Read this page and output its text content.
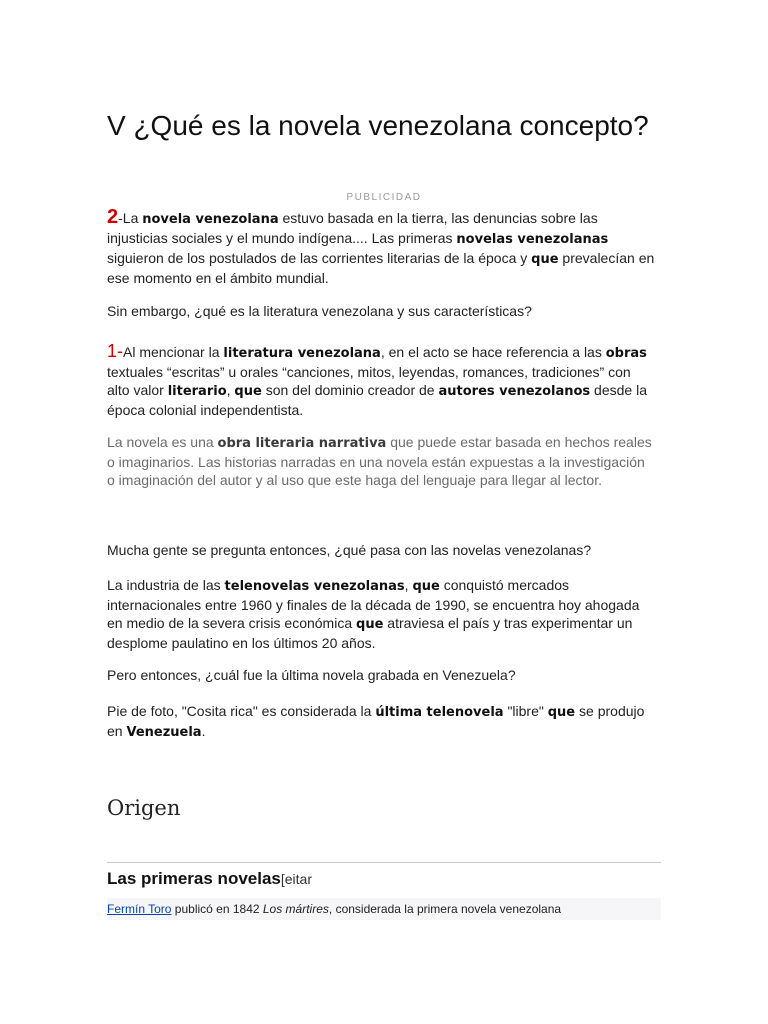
V ¿Qué es la novela venezolana concepto?
PUBLICIDAD

2-La novela venezolana estuvo basada en la tierra, las denuncias sobre las injusticias sociales y el mundo indígena.... Las primeras novelas venezolanas siguieron de los postulados de las corrientes literarias de la época y que prevalecían en ese momento en el ámbito mundial.

Sin embargo, ¿qué es la literatura venezolana y sus características?

1-Al mencionar la literatura venezolana, en el acto se hace referencia a las obras textuales “escritas” u orales “canciones, mitos, leyendas, romances, tradiciones” con alto valor literario, que son del dominio creador de autores venezolanos desde la época colonial independentista.

La novela es una obra literaria narrativa que puede estar basada en hechos reales o imaginarios. Las historias narradas en una novela están expuestas a la investigación o imaginación del autor y al uso que este haga del lenguaje para llegar al lector.

Mucha gente se pregunta entonces, ¿qué pasa con las novelas venezolanas?

La industria de las telenovelas venezolanas, que conquistó mercados internacionales entre 1960 y finales de la década de 1990, se encuentra hoy ahogada en medio de la severa crisis económica que atraviesa el país y tras experimentar un desplome paulatino en los últimos 20 años.

Pero entonces, ¿cuál fue la última novela grabada en Venezuela?

Pie de foto, "Cosita rica" es considerada la última telenovela "libre" que se produjo en Venezuela.

Origen
Las primeras novelas[eitar
Fermín Toro publicó en 1842 Los mártires, considerada la primera novela venezolana
